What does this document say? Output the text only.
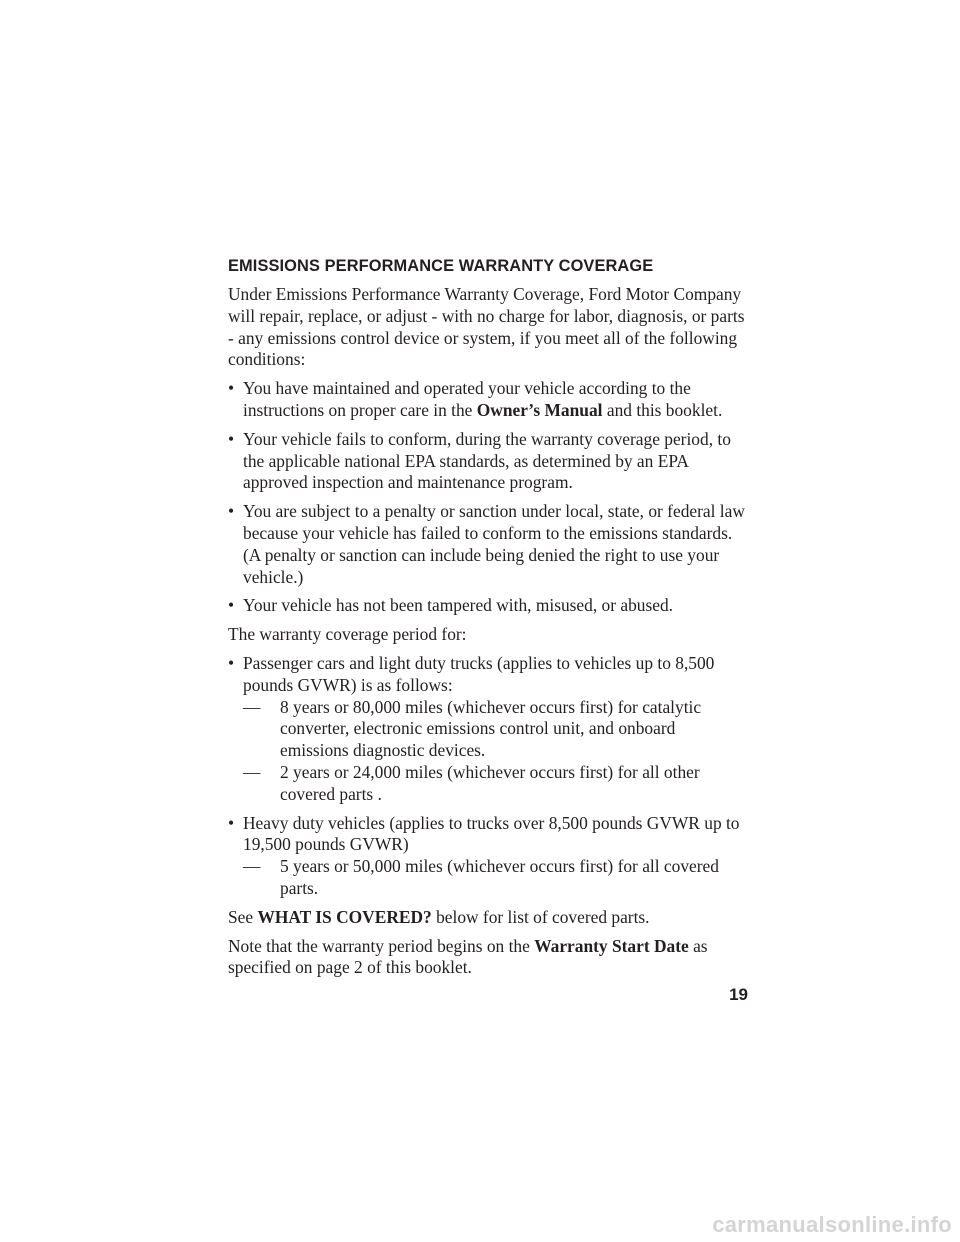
EMISSIONS PERFORMANCE WARRANTY COVERAGE

Under Emissions Performance Warranty Coverage, Ford Motor Company will repair, replace, or adjust - with no charge for labor, diagnosis, or parts - any emissions control device or system, if you meet all of the following conditions:

• You have maintained and operated your vehicle according to the instructions on proper care in the Owner’s Manual and this booklet.
• Your vehicle fails to conform, during the warranty coverage period, to the applicable national EPA standards, as determined by an EPA approved inspection and maintenance program.
• You are subject to a penalty or sanction under local, state, or federal law because your vehicle has failed to conform to the emissions standards. (A penalty or sanction can include being denied the right to use your vehicle.)
• Your vehicle has not been tampered with, misused, or abused.

The warranty coverage period for:

• Passenger cars and light duty trucks (applies to vehicles up to 8,500 pounds GVWR) is as follows:
— 8 years or 80,000 miles (whichever occurs first) for catalytic converter, electronic emissions control unit, and onboard emissions diagnostic devices.
— 2 years or 24,000 miles (whichever occurs first) for all other covered parts .
• Heavy duty vehicles (applies to trucks over 8,500 pounds GVWR up to 19,500 pounds GVWR)
— 5 years or 50,000 miles (whichever occurs first) for all covered parts.

See WHAT IS COVERED? below for list of covered parts.

Note that the warranty period begins on the Warranty Start Date as specified on page 2 of this booklet.

19
carmanualsonline.info
